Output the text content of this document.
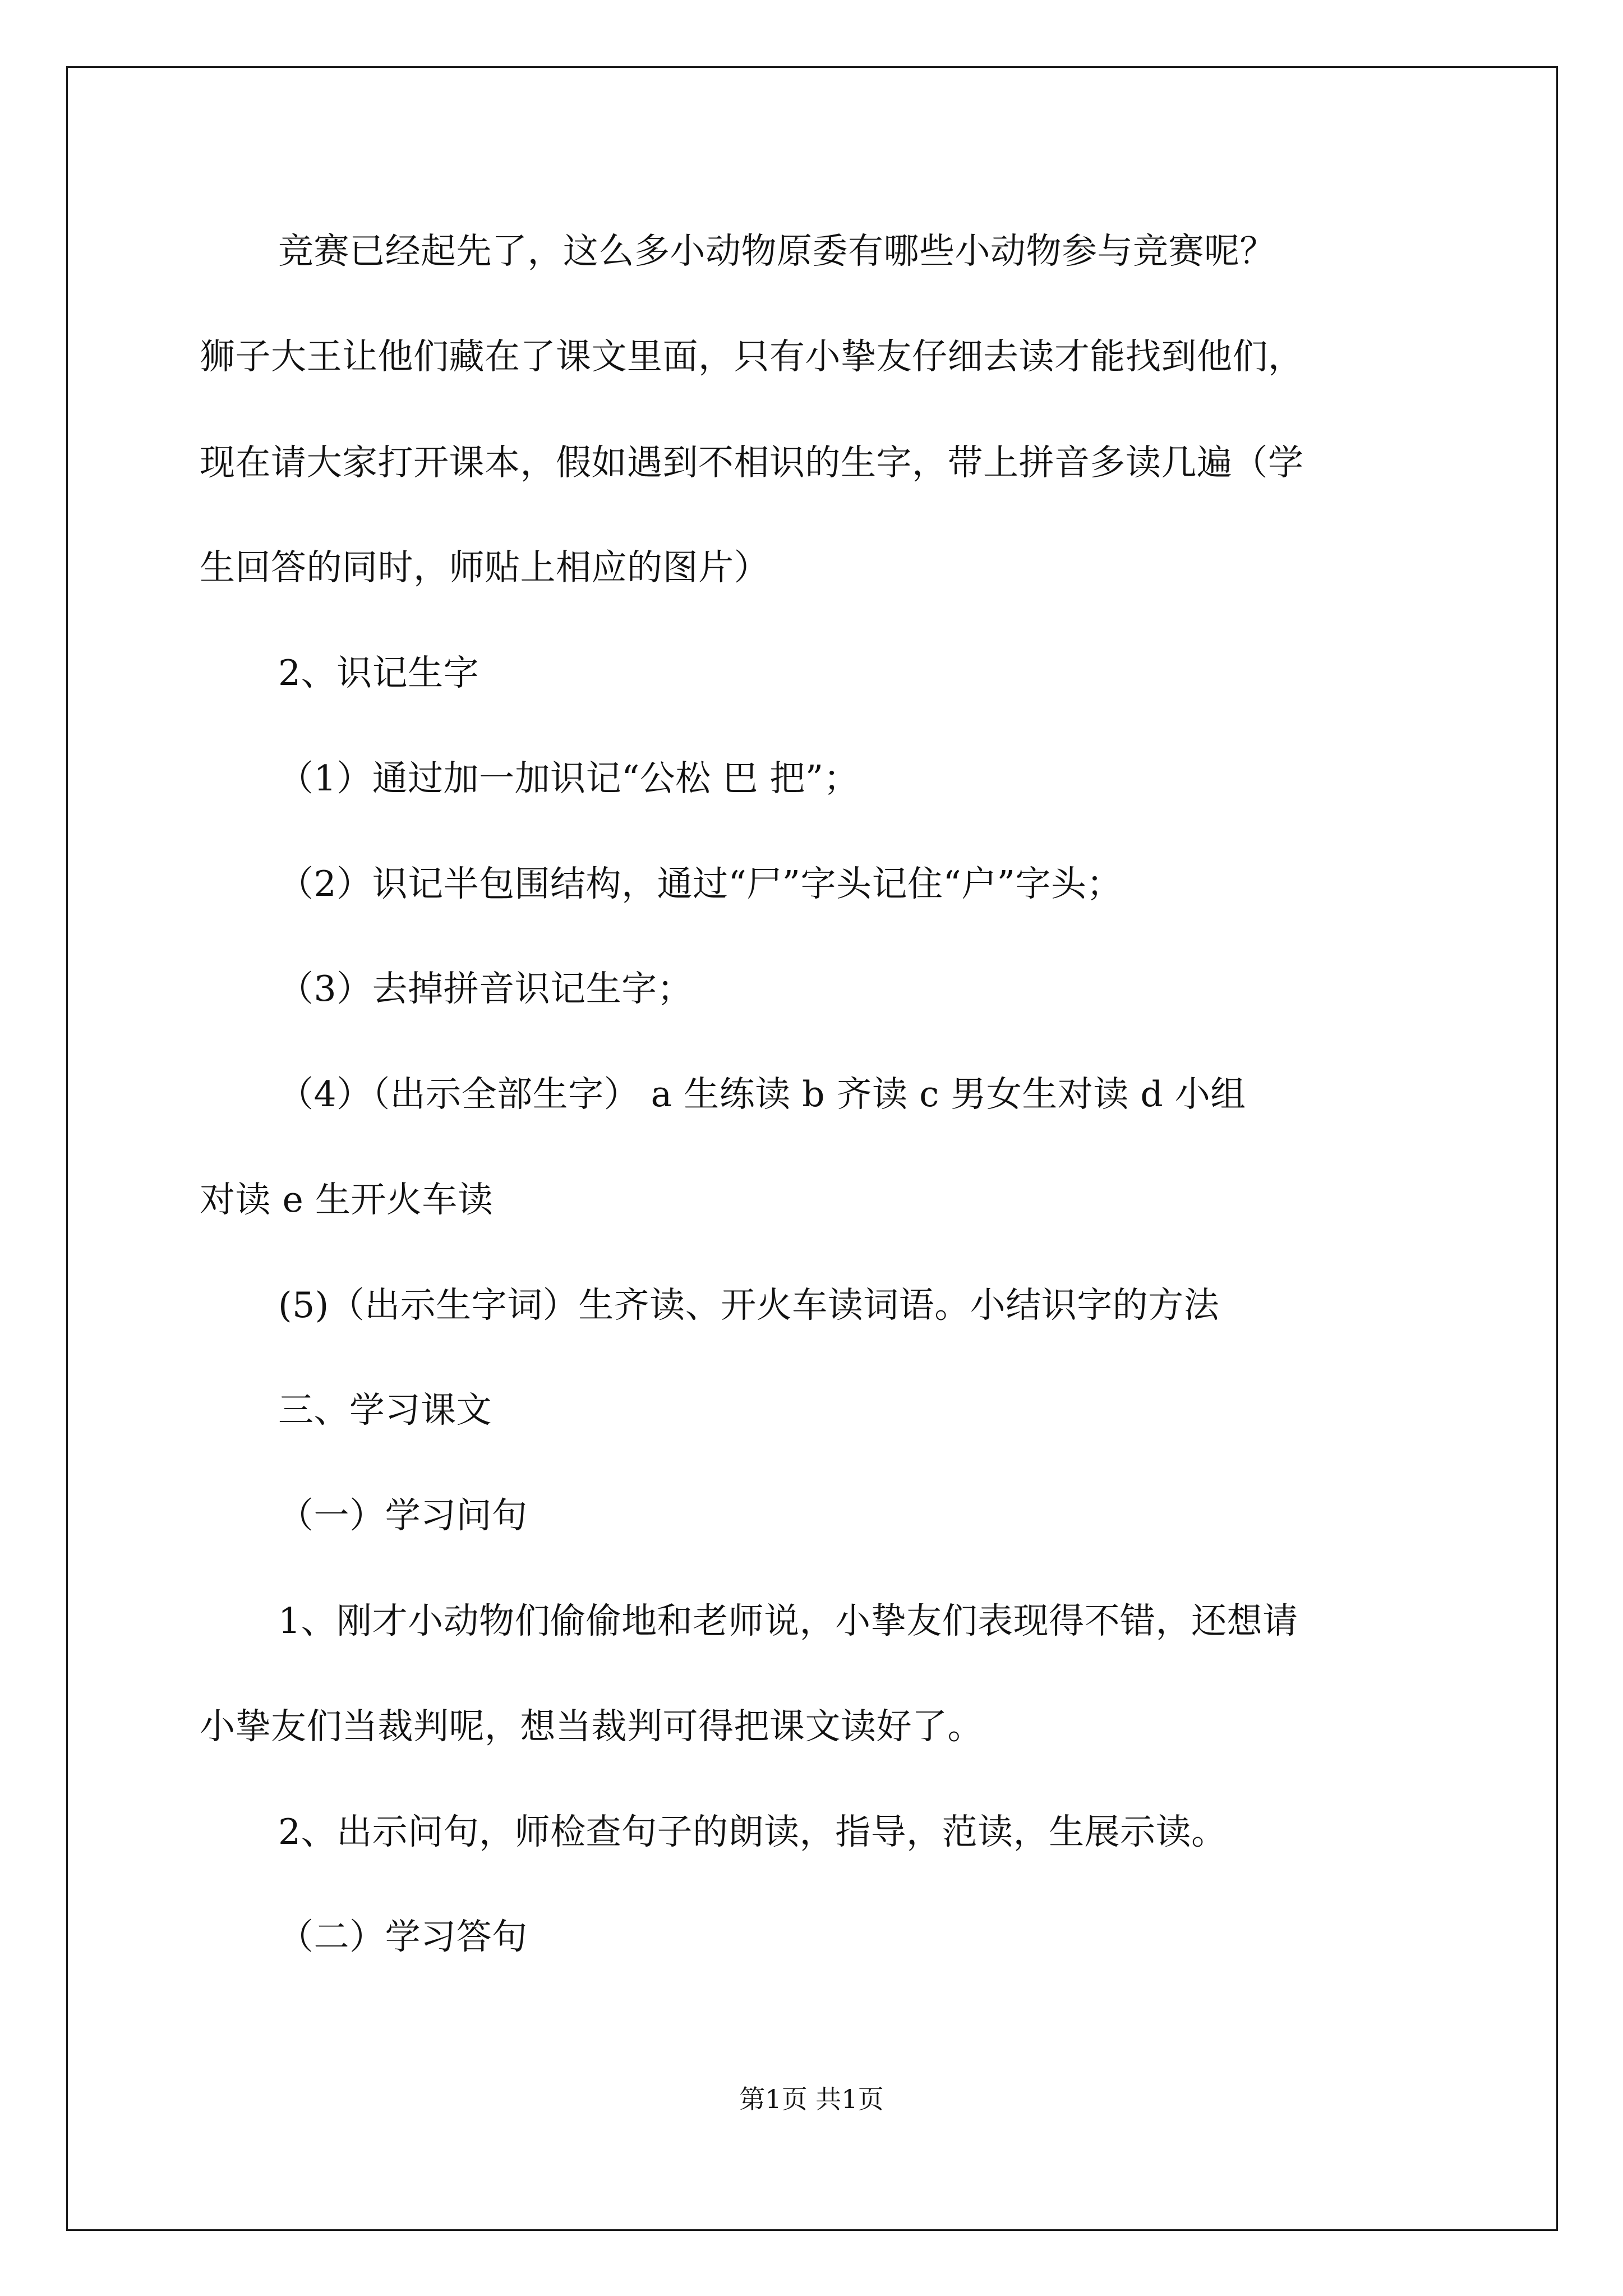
竞赛已经起先了，这么多小动物原委有哪些小动物参与竞赛呢？
狮子大王让他们藏在了课文里面，只有小挚友仔细去读才能找到他们，
现在请大家打开课本，假如遇到不相识的生字，带上拼音多读几遍（学
生回答的同时，师贴上相应的图片）
2、识记生字
（1）通过加一加识记“公松 巴 把”；
（2）识记半包围结构，通过“尸”字头记住“户”字头；
（3）去掉拼音识记生字；
（4）（出示全部生字） a 生练读 b 齐读 c 男女生对读 d 小组
对读 e 生开火车读
(5)（出示生字词）生齐读、开火车读词语。小结识字的方法
三、学习课文
（一）学习问句
1、刚才小动物们偷偷地和老师说，小挚友们表现得不错，还想请
小挚友们当裁判呢，想当裁判可得把课文读好了。
2、出示问句，师检查句子的朗读，指导，范读，生展示读。
（二）学习答句
第1页 共1页
